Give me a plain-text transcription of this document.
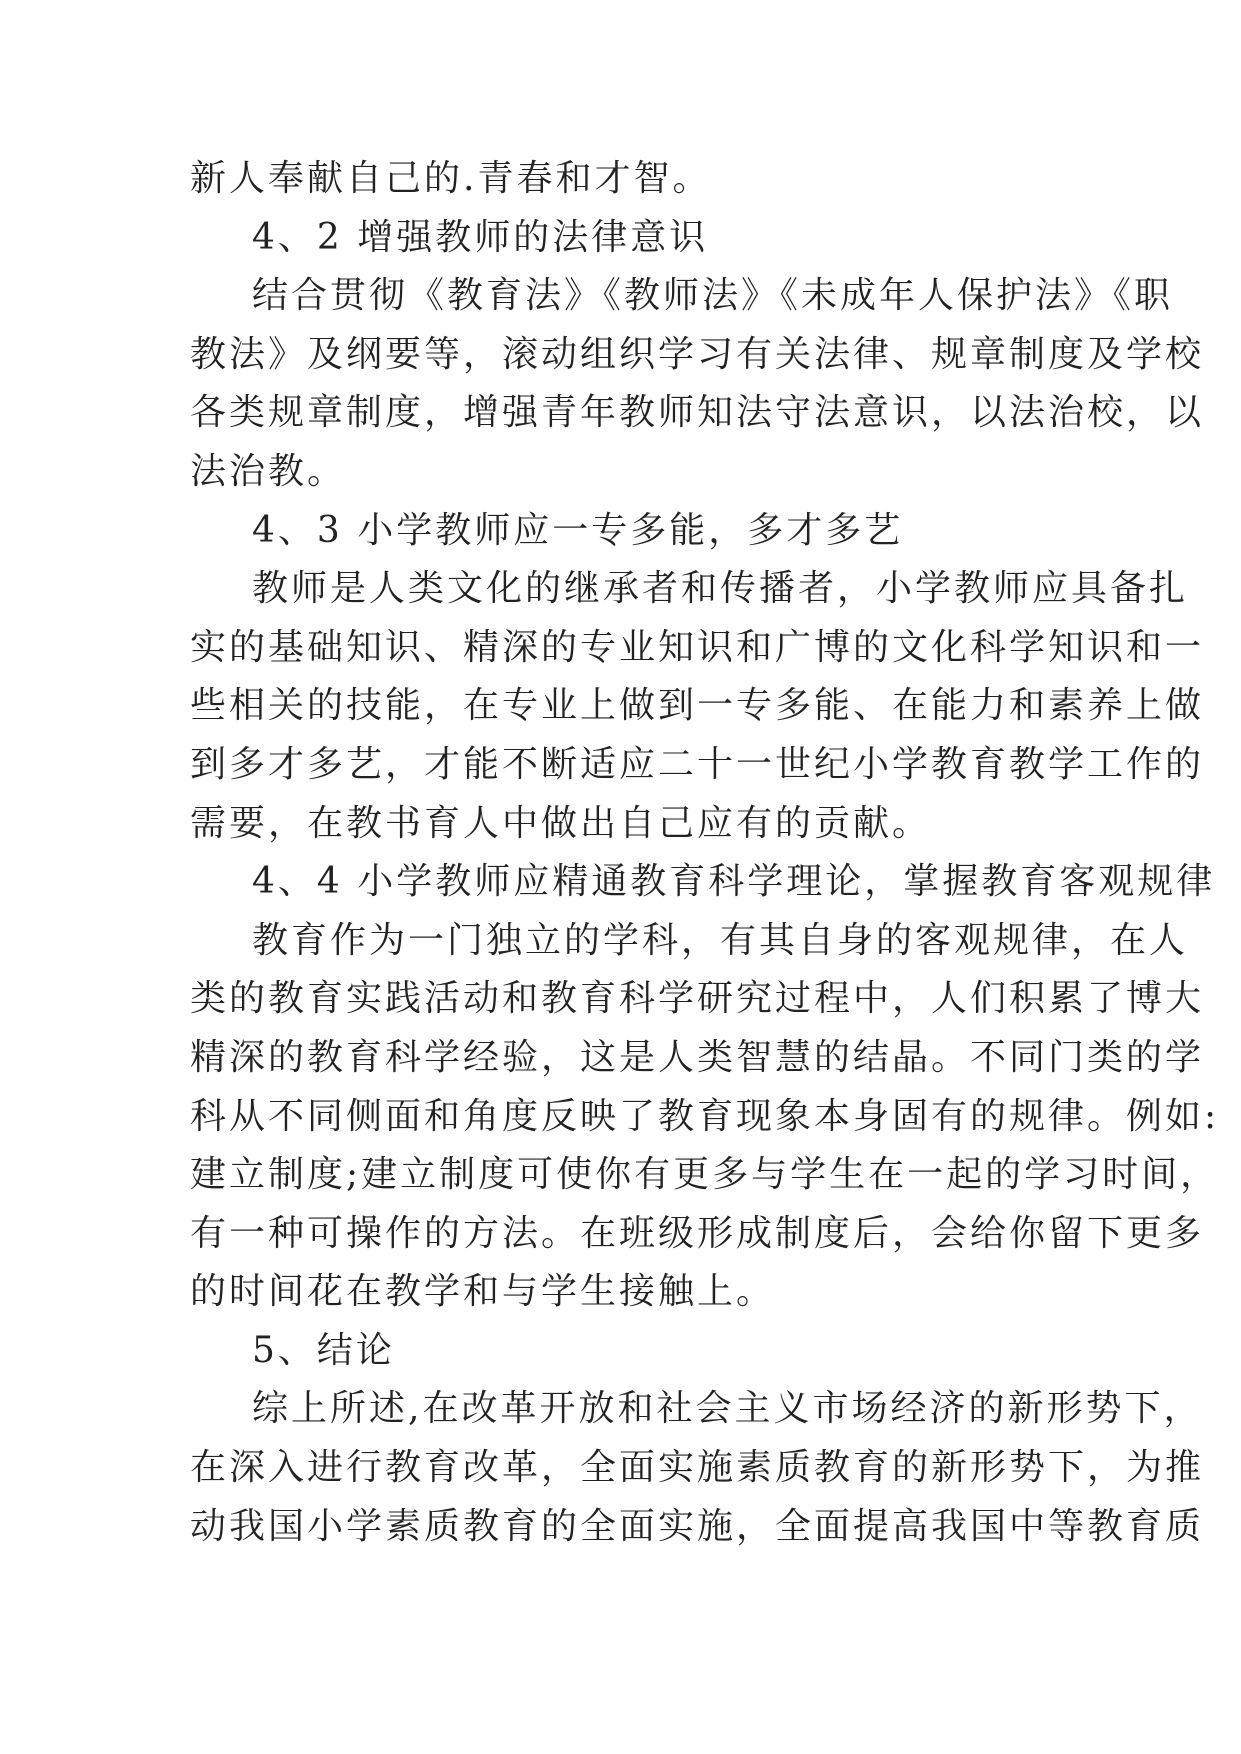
新人奉献自己的.青春和才智。
4、2 增强教师的法律意识
结合贯彻《教育法》《教师法》《未成年人保护法》《职
教法》及纲要等，滚动组织学习有关法律、规章制度及学校
各类规章制度，增强青年教师知法守法意识，以法治校，以
法治教。
4、3 小学教师应一专多能，多才多艺
教师是人类文化的继承者和传播者，小学教师应具备扎
实的基础知识、精深的专业知识和广博的文化科学知识和一
些相关的技能，在专业上做到一专多能、在能力和素养上做
到多才多艺，才能不断适应二十一世纪小学教育教学工作的
需要，在教书育人中做出自己应有的贡献。
4、4 小学教师应精通教育科学理论，掌握教育客观规律
教育作为一门独立的学科，有其自身的客观规律，在人
类的教育实践活动和教育科学研究过程中，人们积累了博大
精深的教育科学经验，这是人类智慧的结晶。不同门类的学
科从不同侧面和角度反映了教育现象本身固有的规律。例如:
建立制度;建立制度可使你有更多与学生在一起的学习时间，
有一种可操作的方法。在班级形成制度后，会给你留下更多
的时间花在教学和与学生接触上。
5、结论
综上所述,在改革开放和社会主义市场经济的新形势下，
在深入进行教育改革，全面实施素质教育的新形势下，为推
动我国小学素质教育的全面实施，全面提高我国中等教育质
